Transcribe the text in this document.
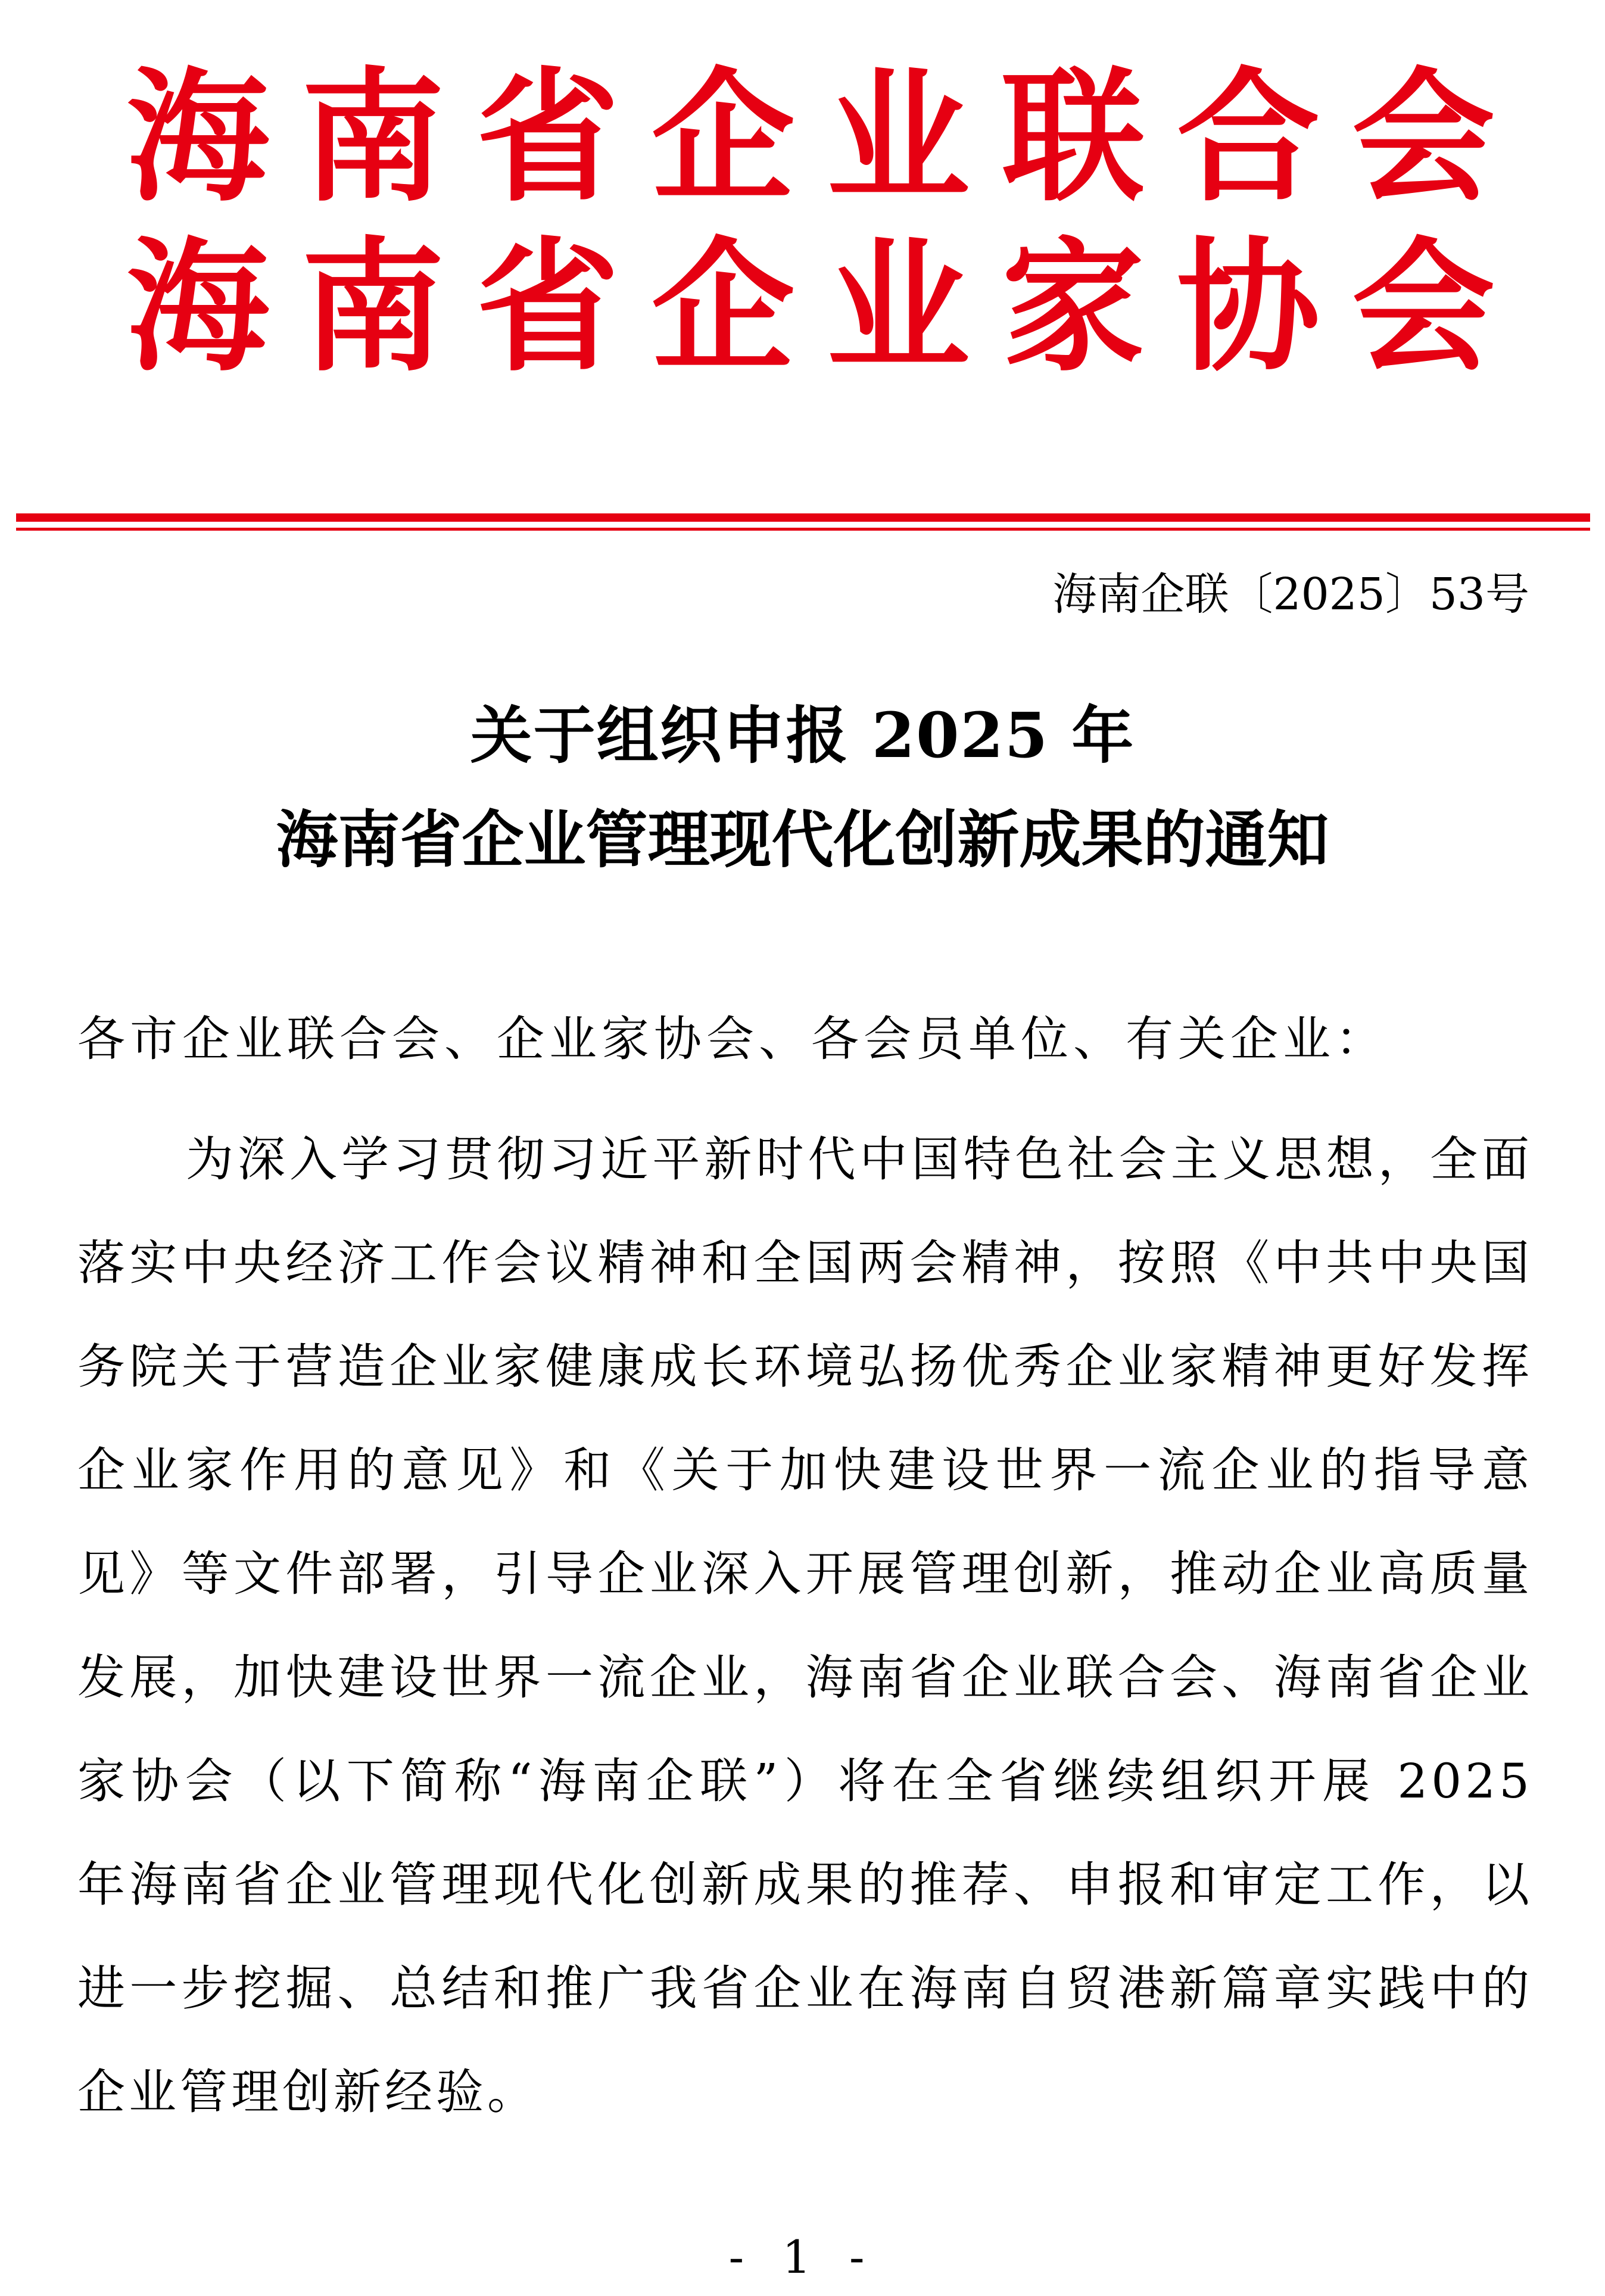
海南省企业联合会
海南省企业家协会
海南企联〔2025〕53号
关于组织申报 2025 年
海南省企业管理现代化创新成果的通知
各市企业联合会、企业家协会、各会员单位、有关企业：

为深入学习贯彻习近平新时代中国特色社会主义思想，全面落实中央经济工作会议精神和全国两会精神，按照《中共中央国务院关于营造企业家健康成长环境弘扬优秀企业家精神更好发挥企业家作用的意见》和《关于加快建设世界一流企业的指导意见》等文件部署，引导企业深入开展管理创新，推动企业高质量发展，加快建设世界一流企业，海南省企业联合会、海南省企业家协会（以下简称“海南企联”）将在全省继续组织开展 2025 年海南省企业管理现代化创新成果的推荐、申报和审定工作，以进一步挖掘、总结和推广我省企业在海南自贸港新篇章实践中的企业管理创新经验。

- 1 -
